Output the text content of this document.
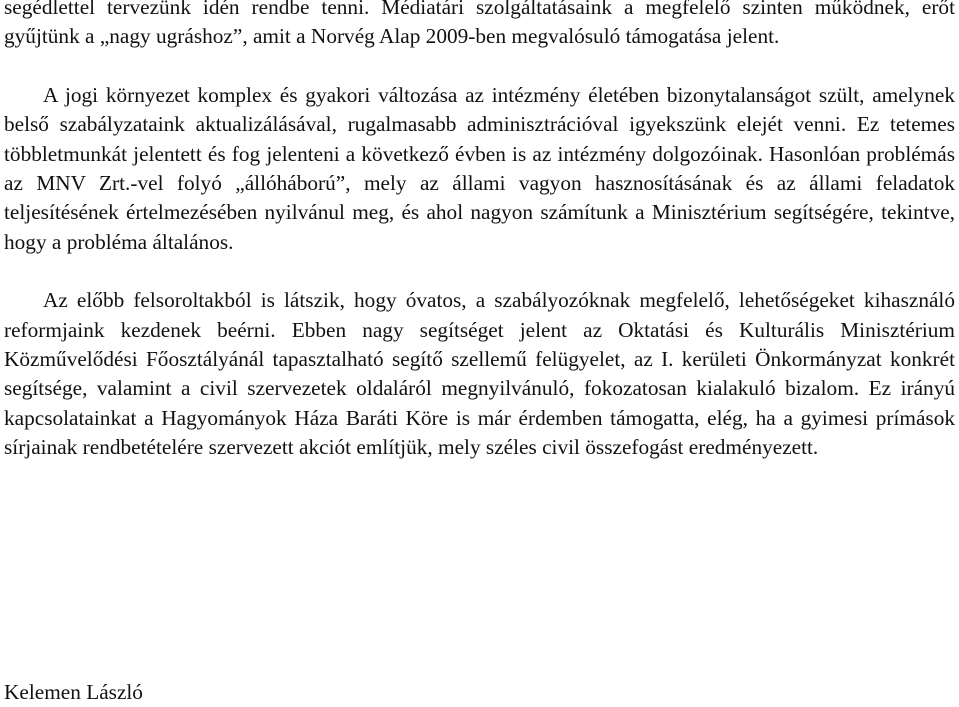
segédlettel tervezünk idén rendbe tenni. Médiatári szolgáltatásaink a megfelelő szinten működnek, erőt gyűjtünk a „nagy ugráshoz”, amit a Norvég Alap 2009-ben megvalósuló támogatása jelent.

A jogi környezet komplex és gyakori változása az intézmény életében bizonytalanságot szült, amelynek belső szabályzataink aktualizálásával, rugalmasabb adminisztrációval igyekszünk elejét venni. Ez tetemes többletmunkát jelentett és fog jelenteni a következő évben is az intézmény dolgozóinak. Hasonlóan problémás az MNV Zrt.-vel folyó „állóháború”, mely az állami vagyon hasznosításának és az állami feladatok teljesítésének értelmezésében nyilvánul meg, és ahol nagyon számítunk a Minisztérium segítségére, tekintve, hogy a probléma általános.

Az előbb felsoroltakból is látszik, hogy óvatos, a szabályozóknak megfelelő, lehetőségeket kihasználó reformjaink kezdenek beérni. Ebben nagy segítséget jelent az Oktatási és Kulturális Minisztérium Közművelődési Főosztályánál tapasztalható segítő szellemű felügyelet, az I. kerületi Önkormányzat konkrét segítsége, valamint a civil szervezetek oldaláról megnyilvánuló, fokozatosan kialakuló bizalom. Ez irányú kapcsolatainkat a Hagyományok Háza Baráti Köre is már érdemben támogatta, elég, ha a gyimesi prímások sírjainak rendbetételére szervezett akciót említjük, mely széles civil összefogást eredményezett.

Kelemen László
